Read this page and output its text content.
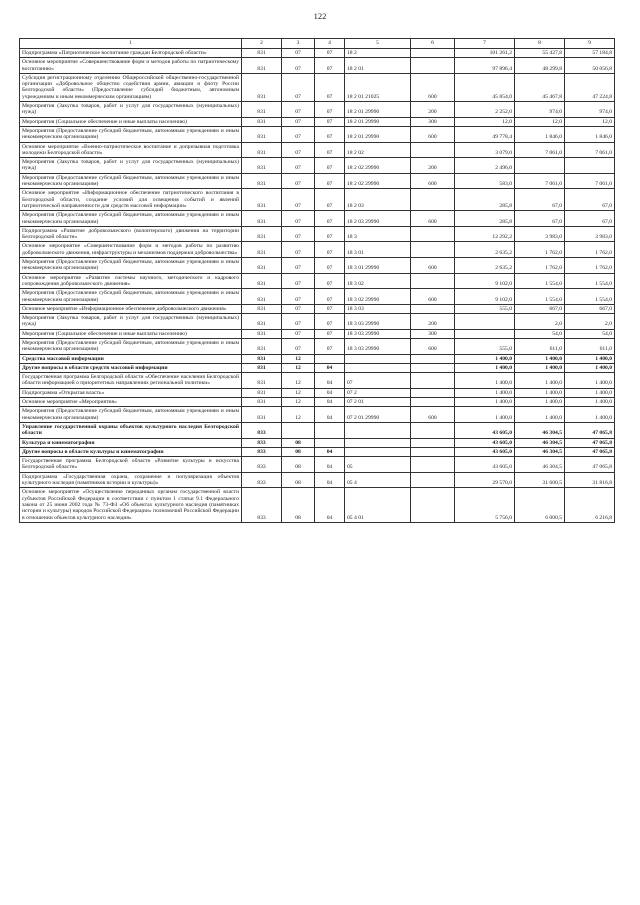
122
1	2	3	4	5	6	7	8	9
Подпрограмма «Патриотическое воспитание граждан Белгородской области»	831	07	07	18 2		101 261,2	55 427,8	57 184,8
Основное мероприятие «Совершенствование форм и методов работы по патриотическому воспитанию»	831	07	07	18 2 01		97 896,4	48 299,8	50 056,8
Субсидия регистрационному отделению Общероссийской общественно-государственной организации «Добровольное общество содействия армии, авиации и флоту России Белгородской области» (Предоставление субсидий бюджетным, автономным учреждениям и иным некоммерческим организациям)	831	07	07	18 2 01 21025	600	45 854,0	45 467,8	47 224,8
Мероприятия (Закупка товаров, работ и услуг для государственных (муниципальных) нужд)	831	07	07	18 2 01 29990	200	2 252,0	974,0	974,0
Мероприятия (Социальное обеспечение и иные выплаты населению)	831	07	07	18 2 01 29990	300	12,0	12,0	12,0
Мероприятия (Предоставление субсидий бюджетным, автономным учреждениям и иным некоммерческим организациям)	831	07	07	18 2 01 29990	600	49 778,4	1 846,0	1 846,0
Основное мероприятие «Военно-патриотическое воспитание и допризывная подготовка молодежи Белгородской области»	831	07	07	18 2 02		3 079,0	7 061,0	7 061,0
Мероприятия (Закупка товаров, работ и услуг для государственных (муниципальных) нужд)	831	07	07	18 2 02 29990	200	2 496,0		
Мероприятия (Предоставление субсидий бюджетным, автономным учреждениям и иным некоммерческим организациям)	831	07	07	18 2 02 29990	600	583,0	7 061,0	7 061,0
Основное мероприятие «Информационное обеспечение патриотического воспитания в Белгородской области, создание условий для освещения событий и явлений патриотической направленности для средств массовой информации»	831	07	07	18 2 03		285,8	67,0	67,0
Мероприятия (Предоставление субсидий бюджетным, автономным учреждениям и иным некоммерческим организациям)	831	07	07	18 2 03 29990	600	285,8	67,0	67,0
Подпрограмма «Развитие добровольческого (волонтерского) движения на территории Белгородской области»	831	07	07	18 3		12 292,2	3 983,0	3 983,0
Основное мероприятие «Совершенствование форм и методов работы по развитию добровольческого движения, инфраструктуры и механизмов поддержки добровольчества»	831	07	07	18 3 01		2 635,2	1 762,0	1 762,0
Мероприятия (Предоставление субсидий бюджетным, автономным учреждениям и иным некоммерческим организациям)	831	07	07	18 3 01 29990	600	2 635,2	1 762,0	1 762,0
Основное мероприятие «Развитие системы научного, методического и кадрового сопровождения добровольческого движения»	831	07	07	18 3 02		9 102,0	1 554,0	1 554,0
Мероприятия (Предоставление субсидий бюджетным, автономным учреждениям и иным некоммерческим организациям)	831	07	07	18 3 02 29990	600	9 102,0	1 554,0	1 554,0
Основное мероприятие «Информационное обеспечение добровольческого движения»	831	07	07	18 3 03		555,0	667,0	667,0
Мероприятия (Закупка товаров, работ и услуг для государственных (муниципальных) нужд)	831	07	07	18 3 03 29990	200		2,0	2,0
Мероприятия (Социальное обеспечение и иные выплаты населению)	831	07	07	18 3 03 29990	300		54,0	54,0
Мероприятия (Предоставление субсидий бюджетным, автономным учреждениям и иным некоммерческим организациям)	831	07	07	18 3 03 29990	600	555,0	611,0	611,0
Средства массовой информации	831	12				1 400,0	1 400,0	1 400,0
Другие вопросы в области средств массовой информации	831	12	04			1 400,0	1 400,0	1 400,0
Государственная программа Белгородской области «Обеспечение населения Белгородской области информацией о приоритетных направлениях региональной политики»	831	12	04	07		1 400,0	1 400,0	1 400,0
Подпрограмма «Открытая власть»	831	12	04	07 2		1 400,0	1 400,0	1 400,0
Основное мероприятие «Мероприятия»	831	12	04	07 2 01		1 400,0	1 400,0	1 400,0
Мероприятия (Предоставление субсидий бюджетным, автономным учреждениям и иным некоммерческим организациям)	831	12	04	07 2 01 29990	600	1 400,0	1 400,0	1 400,0
Управление государственной охраны объектов культурного наследия Белгородской области	833					43 605,0	46 304,5	47 065,8
Культура и кинематография	833	08				43 605,0	46 304,5	47 065,8
Другие вопросы в области культуры и кинематографии	833	08	04			43 605,0	46 304,5	47 065,8
Государственная программа Белгородской области «Развитие культуры и искусства Белгородской области»	833	08	04	05		43 605,0	46 304,5	47 065,8
Подпрограмма «Государственная охрана, сохранение и популяризация объектов культурного наследия (памятников истории и культуры)»	833	08	04	05 4		29 570,0	31 600,5	31 816,8
Основное мероприятие «Осуществление переданных органам государственной власти субъектов Российской Федерации в соответствии с пунктом 1 статьи 9.1 Федерального закона от 25 июня 2002 года № 73-ФЗ «Об объектах культурного наследия (памятниках истории и культуры) народов Российской Федерации» полномочий Российской Федерации в отношении объектов культурного наследия»	833	08	04	05 4 01		5 756,0	6 000,5	6 216,8
